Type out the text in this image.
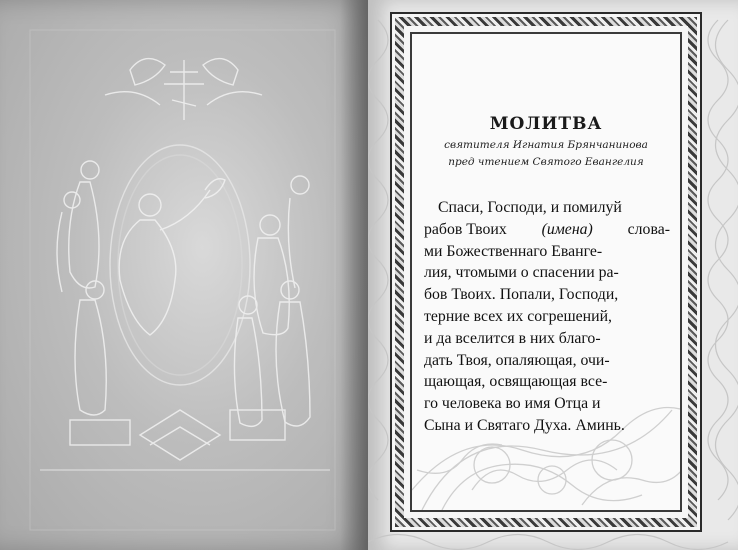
МОЛИТВА
святителя Игнатия Брянчанинова
пред чтением Святого Евангелия
Спаси, Господи, и помилуй
рабов Твоих (имена) слова-
ми Божественнаго Еванге-
лия, чтомыми о спасении ра-
бов Твоих. Попали, Господи,
терние всех их согрешений,
и да вселится в них благо-
дать Твоя, опаляющая, очи-
щающая, освящающая все-
го человека во имя Отца и
Сына и Святаго Духа. Аминь.
